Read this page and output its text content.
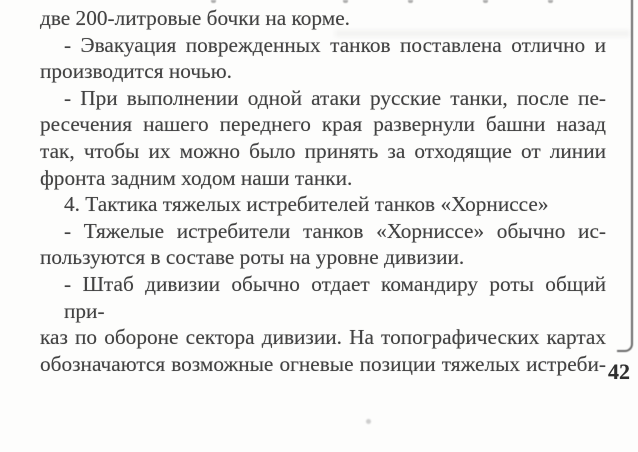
две 200-литровые бочки на корме.
- Эвакуация поврежденных танков поставлена отлично и
производится ночью.
- При выполнении одной атаки русские танки, после пе-
ресечения нашего переднего края развернули башни назад
так, чтобы их можно было принять за отходящие от линии
фронта задним ходом наши танки.
4. Тактика тяжелых истребителей танков «Хорниссе»
- Тяжелые истребители танков «Хорниссе» обычно ис-
пользуются в составе роты на уровне дивизии.
- Штаб дивизии обычно отдает командиру роты общий при-
каз по обороне сектора дивизии. На топографических картах
обозначаются возможные огневые позиции тяжелых истреби- 42
